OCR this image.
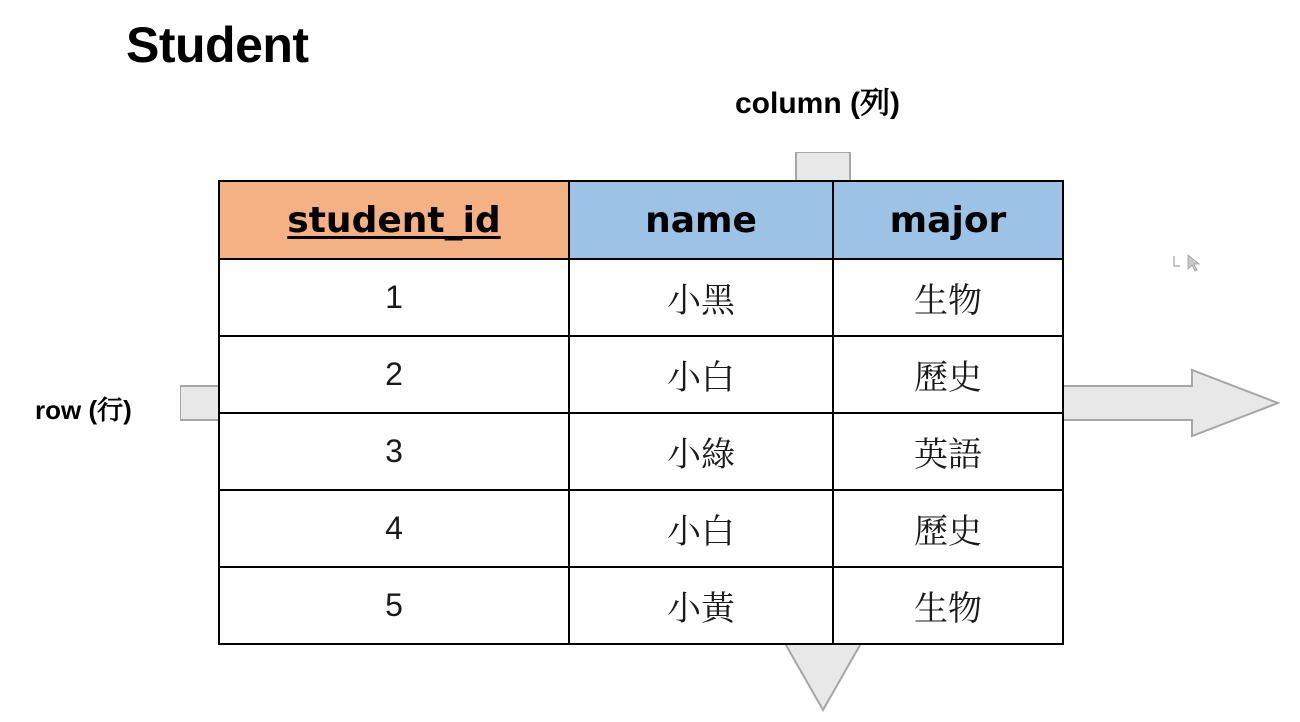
Student
column (列)
row (行)
student_id	name	major
1	小黑	生物
2	小白	歷史
3	小綠	英語
4	小白	歷史
5	小黃	生物
